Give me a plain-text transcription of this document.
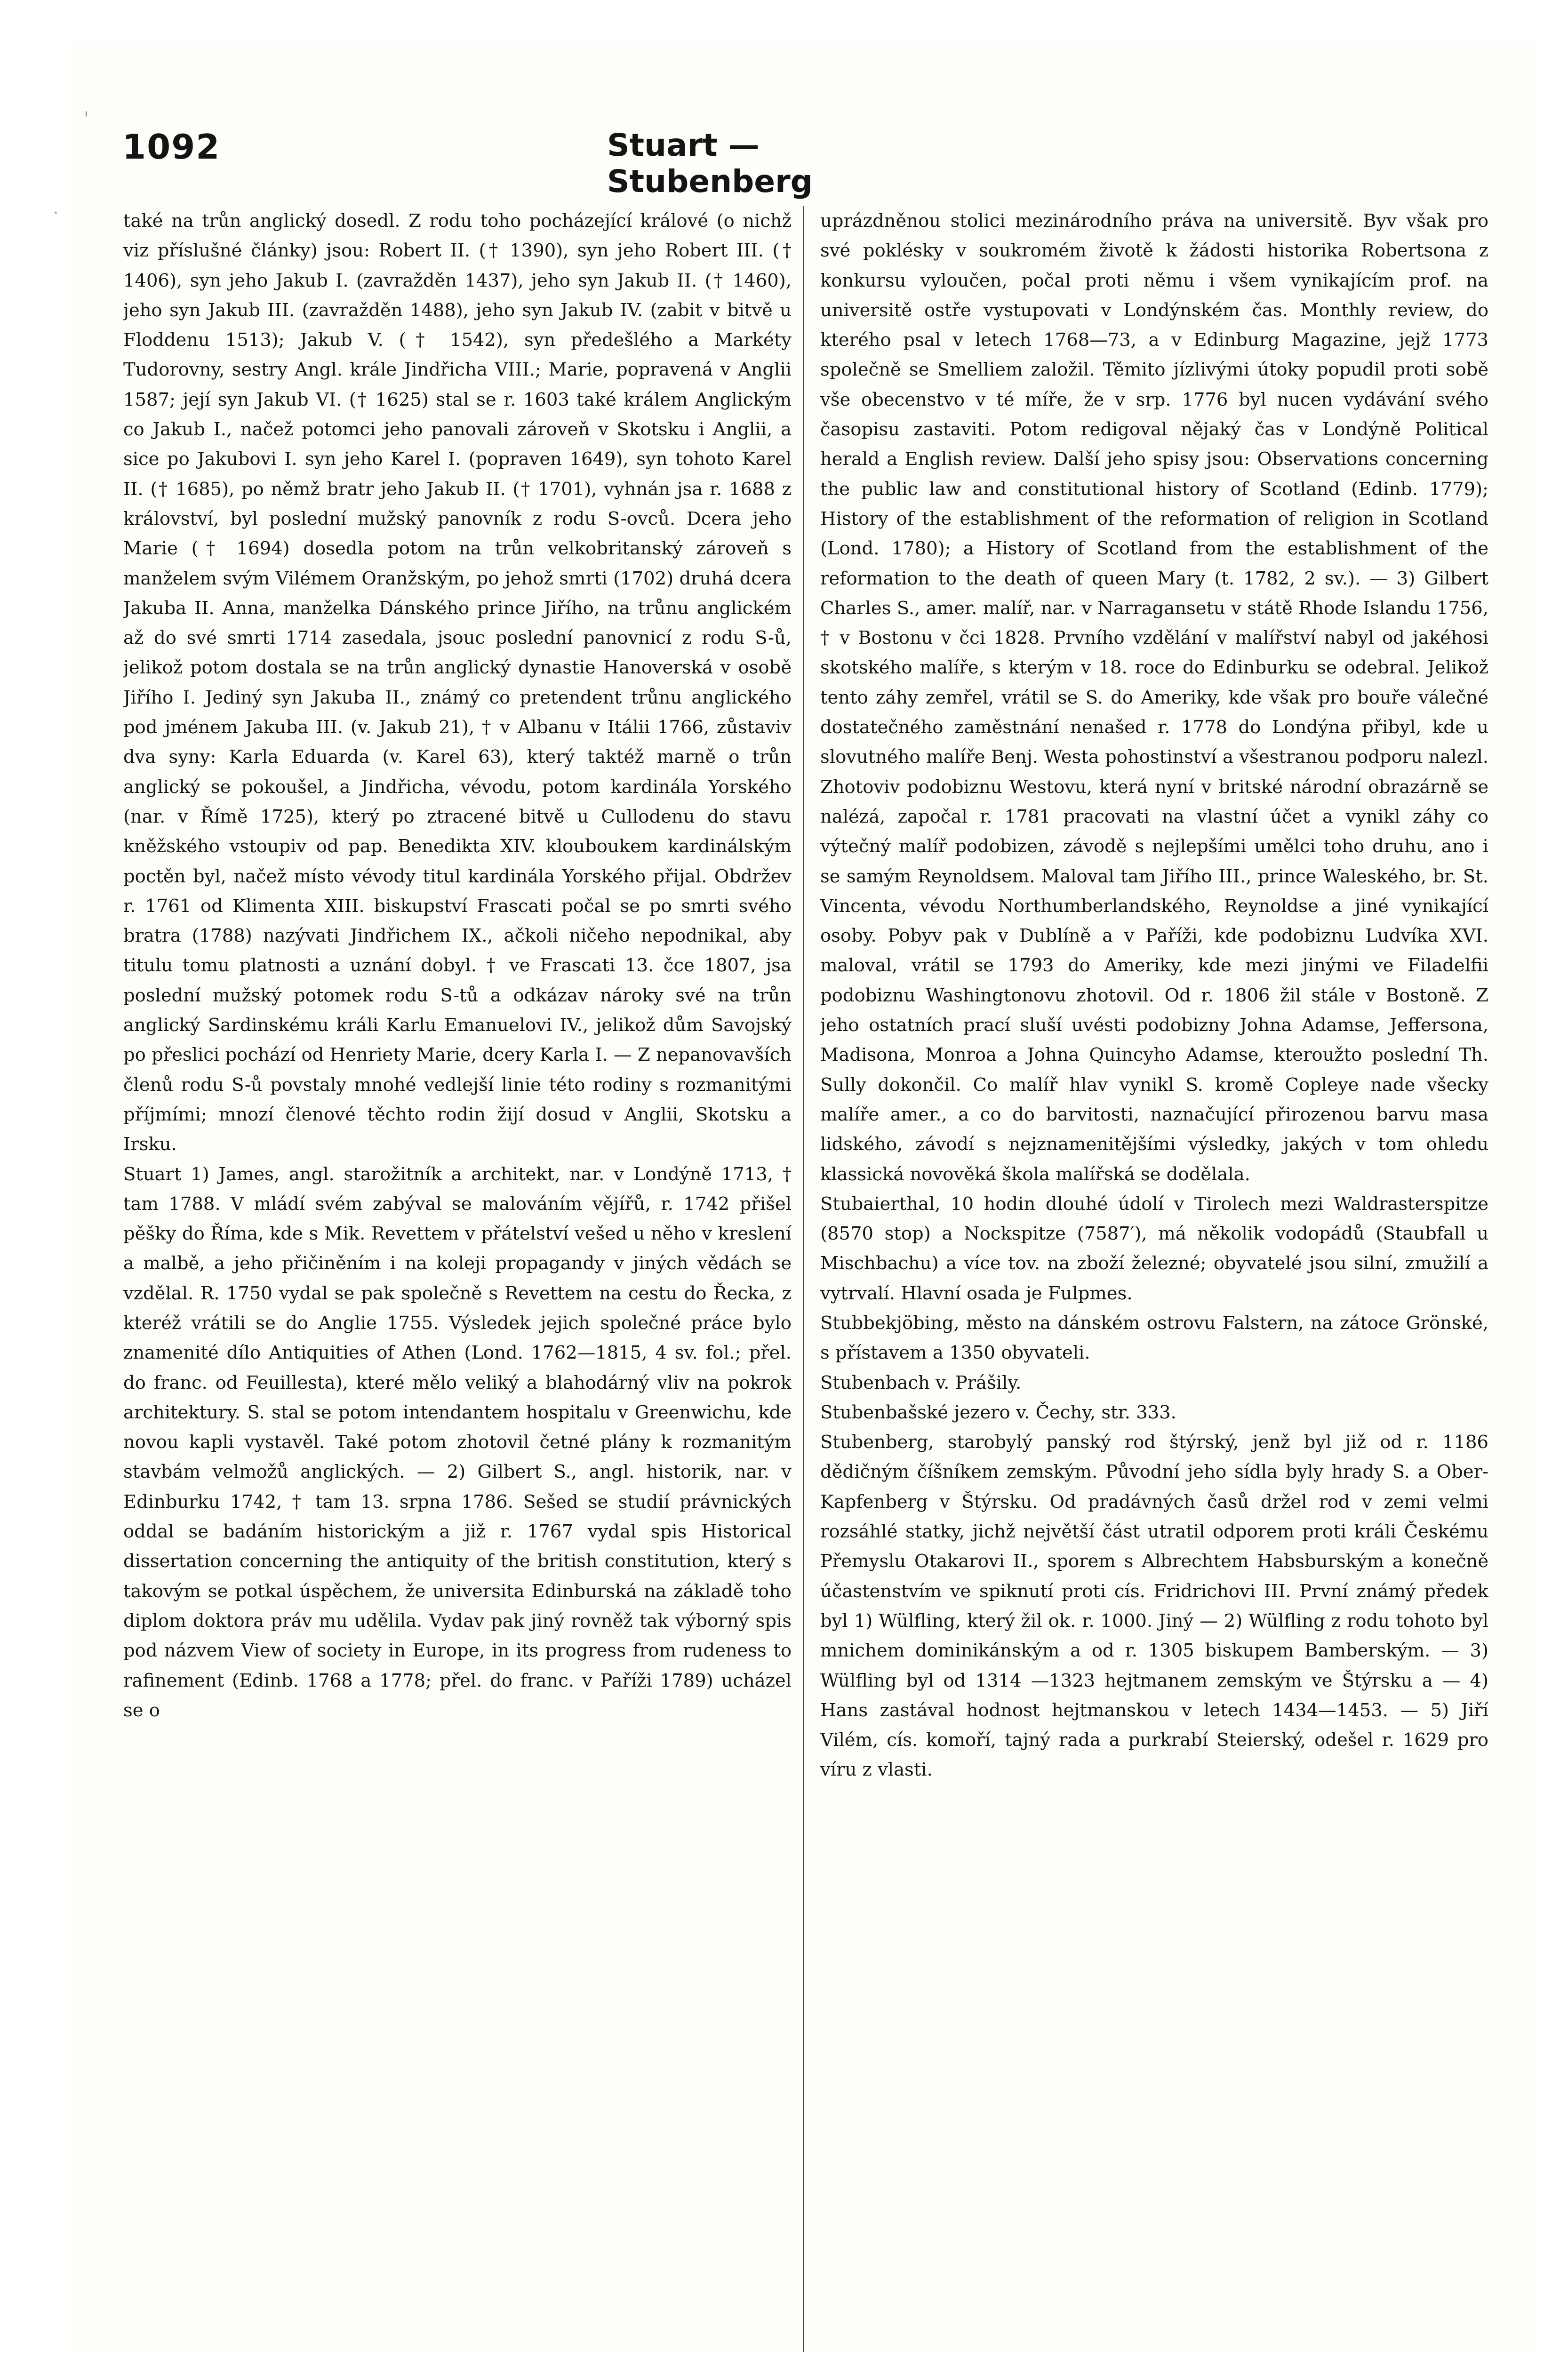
'
·
1092	Stuart — Stubenberg

také na trůn anglický dosedl. Z rodu toho pocházející králové (o nichž viz příslušné články) jsou: Robert II. († 1390), syn jeho Robert III. († 1406), syn jeho Jakub I. (zavražděn 1437), jeho syn Jakub II. († 1460), jeho syn Jakub III. (zavražděn 1488), jeho syn Jakub IV. (zabit v bitvě u Floddenu 1513); Jakub V. († 1542), syn předešlého a Markéty Tudorovny, sestry Angl. krále Jindřicha VIII.; Marie, popravená v Anglii 1587; její syn Jakub VI. († 1625) stal se r. 1603 také králem Anglickým co Jakub I., načež potomci jeho panovali zároveň v Skotsku i Anglii, a sice po Jakubovi I. syn jeho Karel I. (popraven 1649), syn tohoto Karel II. († 1685), po němž bratr jeho Jakub II. († 1701), vyhnán jsa r. 1688 z království, byl poslední mužský panovník z rodu S-ovců. Dcera jeho Marie († 1694) dosedla potom na trůn velkobritanský zároveň s manželem svým Vilémem Oranžským, po jehož smrti (1702) druhá dcera Jakuba II. Anna, manželka Dánského prince Jiřího, na trůnu anglickém až do své smrti 1714 zasedala, jsouc poslední panovnicí z rodu S-ů, jelikož potom dostala se na trůn anglický dynastie Hanoverská v osobě Jiřího I. Jediný syn Jakuba II., známý co pretendent trůnu anglického pod jménem Jakuba III. (v. Jakub 21), † v Albanu v Itálii 1766, zůstaviv dva syny: Karla Eduarda (v. Karel 63), který taktéž marně o trůn anglický se pokoušel, a Jindřicha, vévodu, potom kardinála Yorského (nar. v Římě 1725), který po ztracené bitvě u Cullodenu do stavu kněžského vstoupiv od pap. Benedikta XIV. klouboukem kardinálským poctěn byl, načež místo vévody titul kardinála Yorského přijal. Obdržev r. 1761 od Klimenta XIII. biskupství Frascati počal se po smrti svého bratra (1788) nazývati Jindřichem IX., ačkoli ničeho nepodnikal, aby titulu tomu platnosti a uznání dobyl. † ve Frascati 13. čce 1807, jsa poslední mužský potomek rodu S-tů a odkázav nároky své na trůn anglický Sardinskému králi Karlu Emanuelovi IV., jelikož dům Savojský po přeslici pochází od Henriety Marie, dcery Karla I. — Z nepanovavších členů rodu S-ů povstaly mnohé vedlejší linie této rodiny s rozmanitými příjmími; mnozí členové těchto rodin žijí dosud v Anglii, Skotsku a Irsku.

Stuart 1) James, angl. starožitník a architekt, nar. v Londýně 1713, † tam 1788. V mládí svém zabýval se malováním vějířů, r. 1742 přišel pěšky do Říma, kde s Mik. Revettem v přátelství vešed u něho v kreslení a malbě, a jeho přičiněním i na koleji propagandy v jiných vědách se vzdělal. R. 1750 vydal se pak společně s Revettem na cestu do Řecka, z kteréž vrátili se do Anglie 1755. Výsledek jejich společné práce bylo znamenité dílo Antiquities of Athen (Lond. 1762—1815, 4 sv. fol.; přel. do franc. od Feuillesta), které mělo veliký a blahodárný vliv na pokrok architektury. S. stal se potom intendantem hospitalu v Greenwichu, kde novou kapli vystavěl. Také potom zhotovil četné plány k rozmanitým stavbám velmožů anglických. — 2) Gilbert S., angl. historik, nar. v Edinburku 1742, † tam 13. srpna 1786. Sešed se studií právnických oddal se badáním historickým a již r. 1767 vydal spis Historical dissertation concerning the antiquity of the british constitution, který s takovým se potkal úspěchem, že universita Edinburská na základě toho diplom doktora práv mu udělila. Vydav pak jiný rovněž tak výborný spis pod názvem View of society in Europe, in its progress from rudeness to rafinement (Edinb. 1768 a 1778; přel. do franc. v Paříži 1789) ucházel se o

uprázdněnou stolici mezinárodního práva na universitě. Byv však pro své poklésky v soukromém životě k žádosti historika Robertsona z konkursu vyloučen, počal proti němu i všem vynikajícím prof. na universitě ostře vystupovati v Londýnském čas. Monthly review, do kterého psal v letech 1768—73, a v Edinburg Magazine, jejž 1773 společně se Smelliem založil. Těmito jízlivými útoky popudil proti sobě vše obecenstvo v té míře, že v srp. 1776 byl nucen vydávání svého časopisu zastaviti. Potom redigoval nějaký čas v Londýně Political herald a English review. Další jeho spisy jsou: Observations concerning the public law and constitutional history of Scotland (Edinb. 1779); History of the establishment of the reformation of religion in Scotland (Lond. 1780); a History of Scotland from the establishment of the reformation to the death of queen Mary (t. 1782, 2 sv.). — 3) Gilbert Charles S., amer. malíř, nar. v Narragansetu v státě Rhode Islandu 1756, † v Bostonu v čci 1828. Prvního vzdělání v malířství nabyl od jakéhosi skotského malíře, s kterým v 18. roce do Edinburku se odebral. Jelikož tento záhy zemřel, vrátil se S. do Ameriky, kde však pro bouře válečné dostatečného zaměstnání nenašed r. 1778 do Londýna přibyl, kde u slovutného malíře Benj. Westa pohostinství a všestranou podporu nalezl. Zhotoviv podobiznu Westovu, která nyní v britské národní obrazárně se nalézá, započal r. 1781 pracovati na vlastní účet a vynikl záhy co výtečný malíř podobizen, závodě s nejlepšími umělci toho druhu, ano i se samým Reynoldsem. Maloval tam Jiřího III., prince Waleského, br. St. Vincenta, vévodu Northumberlandského, Reynoldse a jiné vynikající osoby. Pobyv pak v Dublíně a v Paříži, kde podobiznu Ludvíka XVI. maloval, vrátil se 1793 do Ameriky, kde mezi jinými ve Filadelfii podobiznu Washingtonovu zhotovil. Od r. 1806 žil stále v Bostoně. Z jeho ostatních prací sluší uvésti podobizny Johna Adamse, Jeffersona, Madisona, Monroa a Johna Quincyho Adamse, kteroužto poslední Th. Sully dokončil. Co malíř hlav vynikl S. kromě Copleye nade všecky malíře amer., a co do barvitosti, naznačující přirozenou barvu masa lidského, závodí s nejznamenitějšími výsledky, jakých v tom ohledu klassická novověká škola malířská se dodělala.

Stubaierthal, 10 hodin dlouhé údolí v Tirolech mezi Waldrasterspitze (8570 stop) a Nockspitze (7587′), má několik vodopádů (Staubfall u Mischbachu) a více tov. na zboží železné; obyvatelé jsou silní, zmužilí a vytrvalí. Hlavní osada je Fulpmes.

Stubbekjöbing, město na dánském ostrovu Falstern, na zátoce Grönské, s přístavem a 1350 obyvateli.

Stubenbach v. Prášily.

Stubenbašské jezero v. Čechy, str. 333.

Stubenberg, starobylý panský rod štýrský, jenž byl již od r. 1186 dědičným číšníkem zemským. Původní jeho sídla byly hrady S. a Ober-Kapfenberg v Štýrsku. Od pradávných časů držel rod v zemi velmi rozsáhlé statky, jichž největší část utratil odporem proti králi Českému Přemyslu Otakarovi II., sporem s Albrechtem Habsburským a konečně účastenstvím ve spiknutí proti cís. Fridrichovi III. První známý předek byl 1) Wülfling, který žil ok. r. 1000. Jiný — 2) Wülfling z rodu tohoto byl mnichem dominikánským a od r. 1305 biskupem Bamberským. — 3) Wülfling byl od 1314 —1323 hejtmanem zemským ve Štýrsku a — 4) Hans zastával hodnost hejtmanskou v letech 1434—1453. — 5) Jiří Vilém, cís. komoří, tajný rada a purkrabí Steierský, odešel r. 1629 pro víru z vlasti.
